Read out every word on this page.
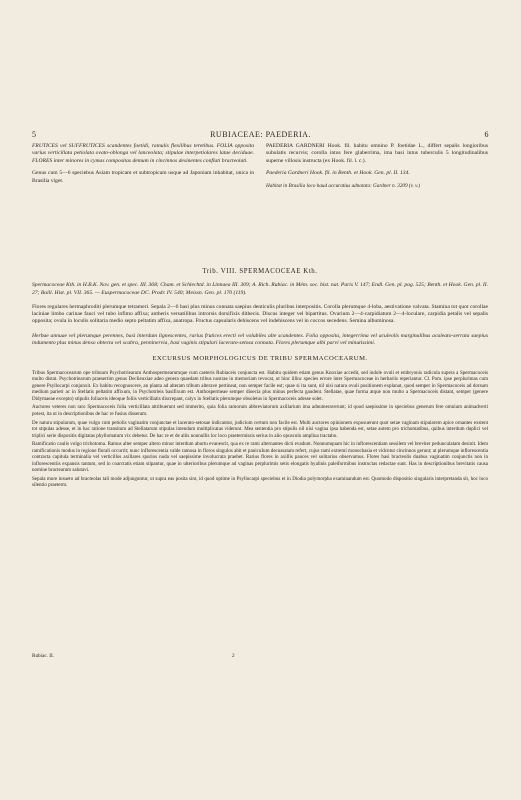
5	RUBIACEAE: PAEDERIA.	6

FRUTICES vel SUFFRUTICES scandentes foetidi, ramulis flexilibus teretibus. FOLIA opposita varius verticillata petiolata ovato-oblonga vel lanceolata; stipulae interpetiolares latae deciduae. FLORES inter minores in cymas compositas demum in cincinnos desinentes conflati bracteolati.

Genus cum 5—6 speciebus Asiam tropicam et subtropicam usque ad Japoniam inhabitat, unica in Brasilia viget.

PAEDERIA GARDNERI Hook. fil. habitu omnino P. foetidae L., differt sepalis longioribus subulatis recurvis; corolla intus fere glaberrima, ima basi intus tuberculis 5 longitudinalibus superne villosis instructa (ex Hook. fil. l. c.).

Paederia Gardneri Hook. fil. in Benth. et Hook. Gen. pl. II. 134.

Habitat in Brasilia loco haud accuratius adnotato: Gardner n. 3209 (v. v.)

Trib. VIII. SPERMACOCEAE Kth.

Spermacoceae Kth. in H.B.K. Nov. gen. et spec. III. 368; Cham. et Schlechtd. in Linnaea III. 309; A. Rich. Rubiac. in Mém. soc. hist. nat. Paris V. 147; Endl. Gen. pl. pag. 525; Benth. et Hook. Gen. pl. II. 27; Baill. Hist. pl. VII. 365. — Euspermacoceae DC. Prodr. IV. 540; Meissn. Gen. pl. 170 (119).

Flores regulares hermaphroditi plerumque tetrameri. Sepala 2—6 basi plus minus connata saepius denticulis pluribus interpositis. Corolla plerumque 4-loba, aestivatione valvata. Stamina tot quot corollae laciniae limbo carinae fauci vel tubo infimo affixa; antheris versatilibus introrsis dorsifixis dithecis. Discus integer vel bipartitus. Ovarium 2—4-carpidiatum 2—4-loculare, carpidia petalis vel sepalis opposita; ovula in loculis solitaria medio septo peltatim affixa, anatropa. Fructus capsularis dehiscens vel indehiscens vel in coccos secedens. Semina albuminosa.

Herbae annuae vel plerumque perennes, basi interdum lignescentes, rarius frutices erecti vel volubiles alte scandentes. Folia opposita, integerrima vel aculeolis marginalibus aculeato-serrata saepius indumento plus minus denso obtecta vel scabra, penninervia, basi vaginis stipulari lacerato-setosa connata. Flores plerumque albi parvi vel minutissimi.

EXCURSUS MORPHOLOGICUS DE TRIBU SPERMACOCEARUM.

Tribus Spermacocearum ope tribuum Psychotriearum Anthospermearumque cum caeteris Rubiaceis conjuncta est. Habitu quidem etiam genus Knoxiae accedit, sed indole ovuli et embryonis radicula supera a Spermacoceis multo distat. Psychotriearum praesertim genus Declieuxiae adeo genera quaedam tribus nostrae in memoriam revocat, ut hinc illinc species errore inter Spermacoceae in herbariis reperiantur. Cl. Pom. ipse perplurimas cum genere Psyllocarpi conjunxit. Ex habitu recognoscere, an planta ad alteram tribum alterave pertineat, non semper facile est; quae si ita sunt, nil nisi natura ovuli positionem explanat, quod semper in Spermacoceis ad dorsum medium parietr ac in Stellatis peltatim affixum, in Psychotrieis basifixum est. Anthospermeae semper dioecia plus minus perfecta gaudent. Stellatae, quae forma atque non multo a Spermacoceis distant, semper (genere Didymaeae excepto) stipulis foliaceis ideoque foliis verticillatis discrepant, calyx in Stellatis plerumque obsoletus in Spermacoceis adesse solet.

Auctores veteres non raro Spermacoceis folia verticillata attribuerunt sed immerito, quia folia ramorum abbreviatorum axillarium ima adnumeraverunt; id quod saepissime in speciebus generum fere omnium animadverti potest, ita ut in descriptionibus de hac re fusius disseram.

De natura stipularum, quae vulgo cum petiolis vaginatim conjunctae et lacerato-setosae indicantur, judicium certum non facile est. Multi auctores opinionem exposuerunt quot setae vaginam stipularem apice ornantes exstent tot stipulas adesse, et in hac ratione transitum ad Stellatarum stipulas intendum multiplicatas viderunt. Mea sententia pro stipulis nil nisi vagina ipsa habenda est, setae autem pro trichomatibus, quibus interdum duplici vel triplici serie dispositis digitatas phyllomatum vix debetur. De hac re et de aliis nonnullis loc loco praetermissis serius in alio opusculo ampliua tractabo.

Ramificatio caulis vulgo trichotoma. Ramus alter semper altero minor interdum abortu evanescit, qua ex re rami alternantes dicti evadunt. Nonnumquam hic in inflorescentiam sessilem vel breviter pedunculatam desinit. Idem ramificationis modus in regione florali occurrit; nunc inflorescentia valde ramosa in floros singulos abit et panicuIum decussatam refert, cujus rami extremi monochasia et vidcntur cincinnos gerunt; at plerumque inflorescentia contracta capitula terminalia vel verticillos axillares spurios nuda vel saepissime involucrata praebet. Rarius flores in axillis pauces vel solitarios observamus. Flores basi bracteolis duabus vaginatim conjunctis non in inflorescentiis expansis tantum, sed in coarctatis etiam stipantur, quae in ulterioribus plerumque ad vaginas perplurimis setis elongatis hyalinis paleiformibus instructas redactae sunt. Has in descriptionibus brevitatis causa nomine bractearum salutavi.

Sepala more insueto ad bracteolas tali mode adjunguntur, ut supra eas posita sint, id quod optime in Psyllocarpi speciebus et in Diodia polymorpha examinandum est. Quomodo dispositio singularis interpretanda sit, hoc loco silentio praeterm.

Rubiac. II.	2
